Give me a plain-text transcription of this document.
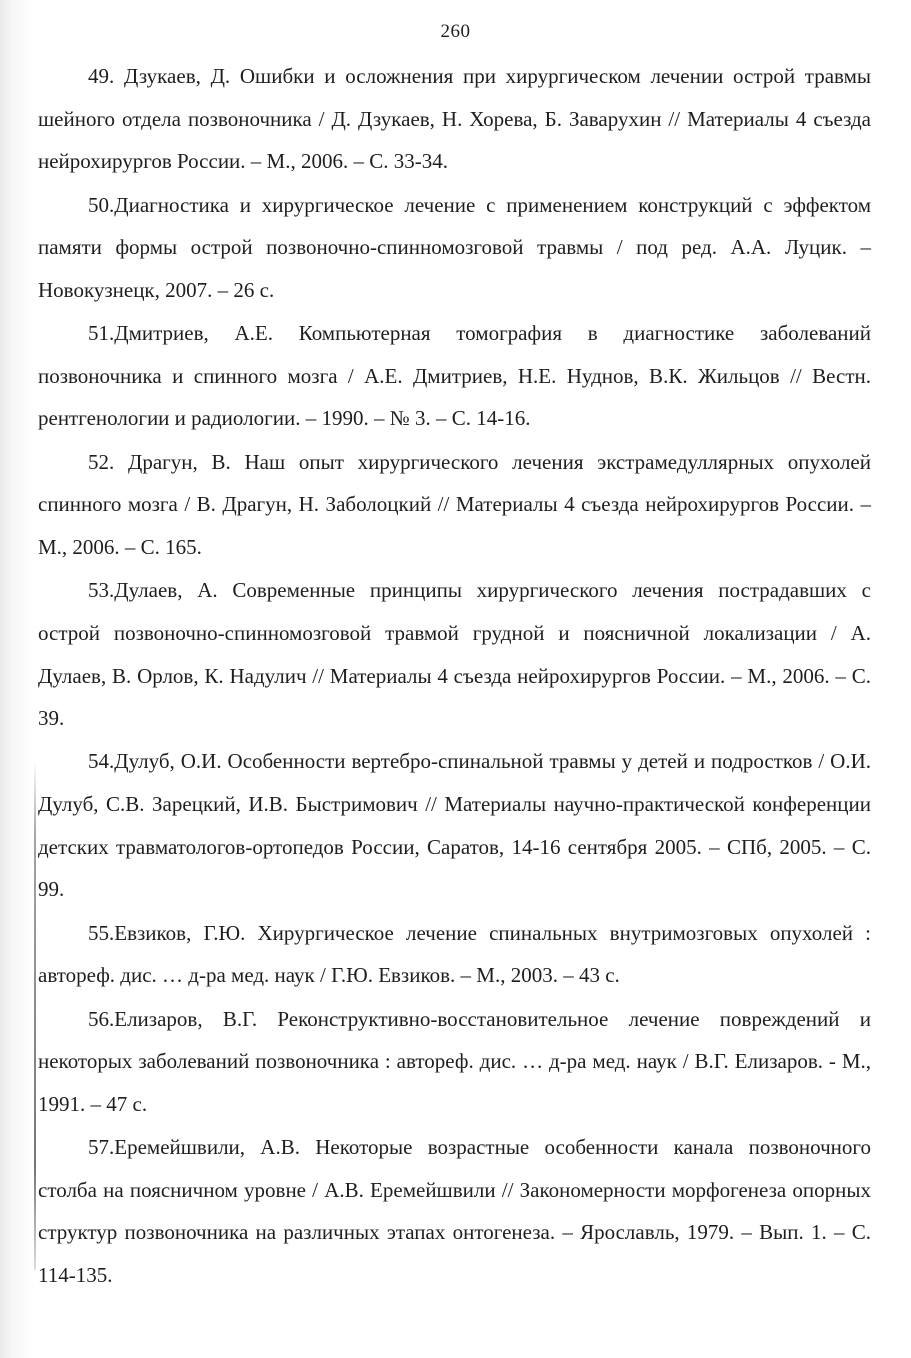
260

49. Дзукаев, Д. Ошибки и осложнения при хирургическом лечении острой травмы шейного отдела позвоночника / Д. Дзукаев, Н. Хорева, Б. Заварухин // Материалы 4 съезда нейрохирургов России. – М., 2006. – С. 33-34.

50.Диагностика и хирургическое лечение с применением конструкций с эффектом памяти формы острой позвоночно-спинномозговой травмы / под ред. А.А. Луцик. – Новокузнецк, 2007. – 26 с.

51.Дмитриев, А.Е. Компьютерная томография в диагностике заболеваний позвоночника и спинного мозга / А.Е. Дмитриев, Н.Е. Нуднов, В.К. Жильцов // Вестн. рентгенологии и радиологии. – 1990. – № 3. – С. 14-16.

52. Драгун, В. Наш опыт хирургического лечения экстрамедуллярных опухолей спинного мозга / В. Драгун, Н. Заболоцкий // Материалы 4 съезда нейрохирургов России. – М., 2006. – С. 165.

53.Дулаев, А. Современные принципы хирургического лечения пострадавших с острой позвоночно-спинномозговой травмой грудной и поясничной локализации / А. Дулаев, В. Орлов, К. Надулич // Материалы 4 съезда нейрохирургов России. – М., 2006. – С. 39.

54.Дулуб, О.И. Особенности вертебро-спинальной травмы у детей и подростков / О.И. Дулуб, С.В. Зарецкий, И.В. Быстримович // Материалы научно-практической конференции детских травматологов-ортопедов России, Саратов, 14-16 сентября 2005. – СПб, 2005. – С. 99.

55.Евзиков, Г.Ю. Хирургическое лечение спинальных внутримозговых опухолей : автореф. дис. … д-ра мед. наук / Г.Ю. Евзиков. – М., 2003. – 43 с.

56.Елизаров, В.Г. Реконструктивно-восстановительное лечение повреждений и некоторых заболеваний позвоночника : автореф. дис. … д-ра мед. наук / В.Г. Елизаров. - М., 1991. – 47 с.

57.Еремейшвили, А.В. Некоторые возрастные особенности канала позвоночного столба на поясничном уровне / А.В. Еремейшвили // Закономерности морфогенеза опорных структур позвоночника на различных этапах онтогенеза. – Ярославль, 1979. – Вып. 1. – С. 114-135.
